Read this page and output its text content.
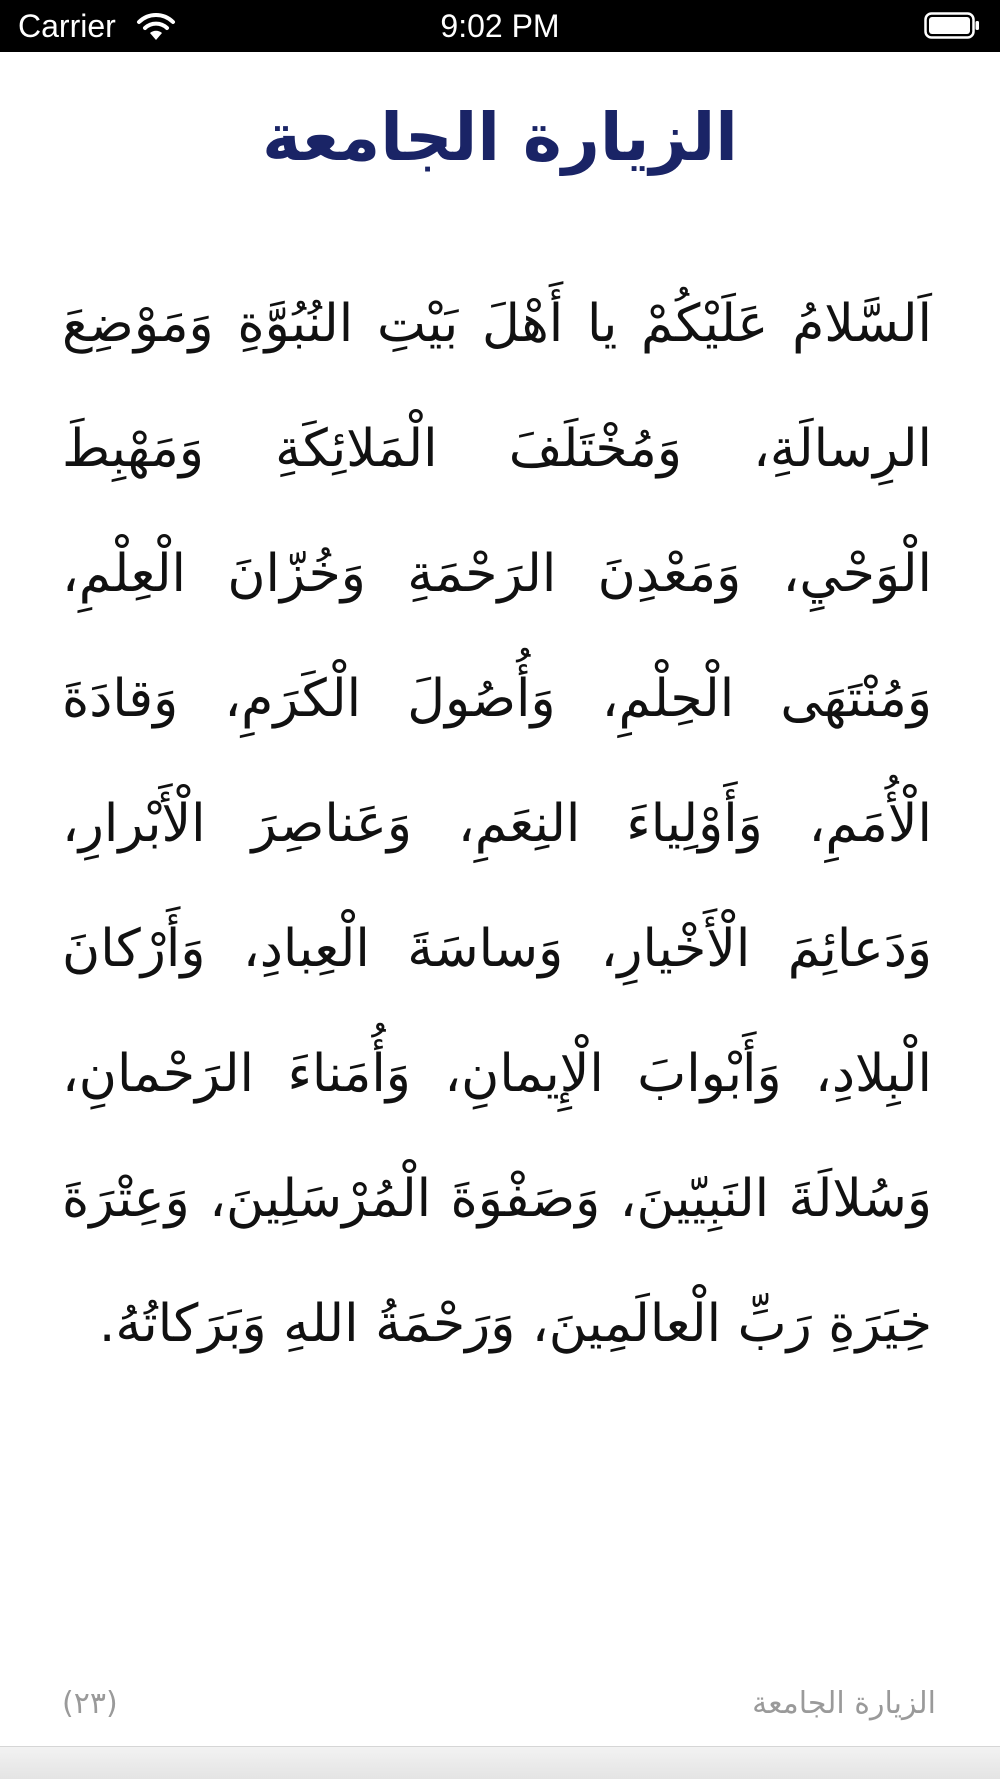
Carrier	9:02 PM
الزيارة الجامعة

اَلسَّلامُ عَلَيْكُمْ يا أَهْلَ بَيْتِ النُبُوَّةِ وَمَوْضِعَ الرِسالَةِ، وَمُخْتَلَفَ الْمَلائِكَةِ وَمَهْبِطَ الْوَحْيِ، وَمَعْدِنَ الرَحْمَةِ وَخُزّانَ الْعِلْمِ، وَمُنْتَهَى الْحِلْمِ، وَأُصُولَ الْكَرَمِ، وَقادَةَ الْأُمَمِ، وَأَوْلِياءَ النِعَمِ، وَعَناصِرَ الْأَبْرارِ، وَدَعائِمَ الْأَخْيارِ، وَساسَةَ الْعِبادِ، وَأَرْكانَ الْبِلادِ، وَأَبْوابَ الْإِيمانِ، وَأُمَناءَ الرَحْمانِ، وَسُلالَةَ النَبِيّينَ، وَصَفْوَةَ الْمُرْسَلِينَ، وَعِتْرَةَ خِيَرَةِ رَبِّ الْعالَمِينَ، وَرَحْمَةُ اللهِ وَبَرَكاتُهُ.

الزيارة الجامعة
(٢٣)
